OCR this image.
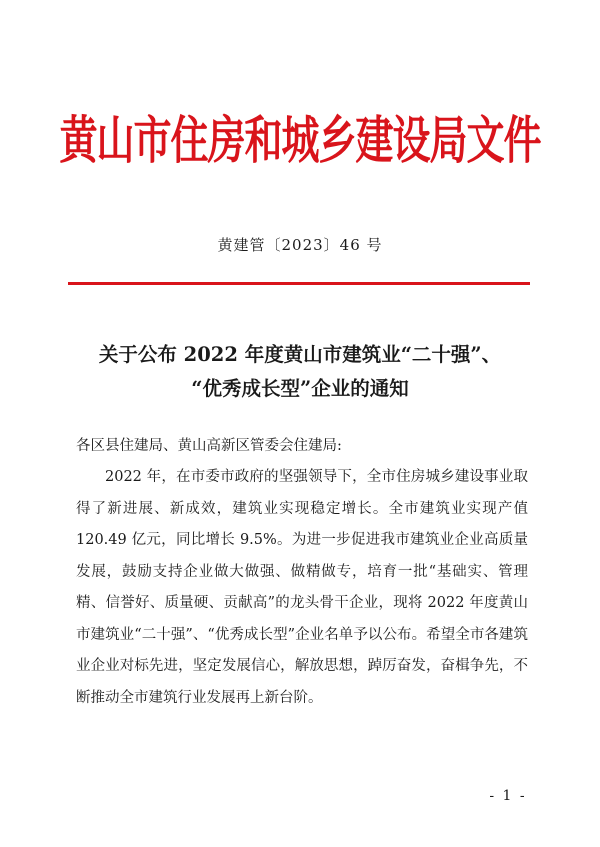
黄山市住房和城乡建设局文件
黄建管〔2023〕46 号
关于公布 2022 年度黄山市建筑业“二十强”、
“优秀成长型”企业的通知
各区县住建局、黄山高新区管委会住建局:
2022 年，在市委市政府的坚强领导下，全市住房城乡建设事业取得了新进展、新成效，建筑业实现稳定增长。全市建筑业实现产值 120.49 亿元，同比增长 9.5%。为进一步促进我市建筑业企业高质量发展，鼓励支持企业做大做强、做精做专，培育一批“基础实、管理精、信誉好、质量硬、贡献高”的龙头骨干企业，现将 2022 年度黄山市建筑业“二十强”、“优秀成长型”企业名单予以公布。希望全市各建筑业企业对标先进，坚定发展信心，解放思想，踔厉奋发，奋楫争先，不断推动全市建筑行业发展再上新台阶。
- 1 -
